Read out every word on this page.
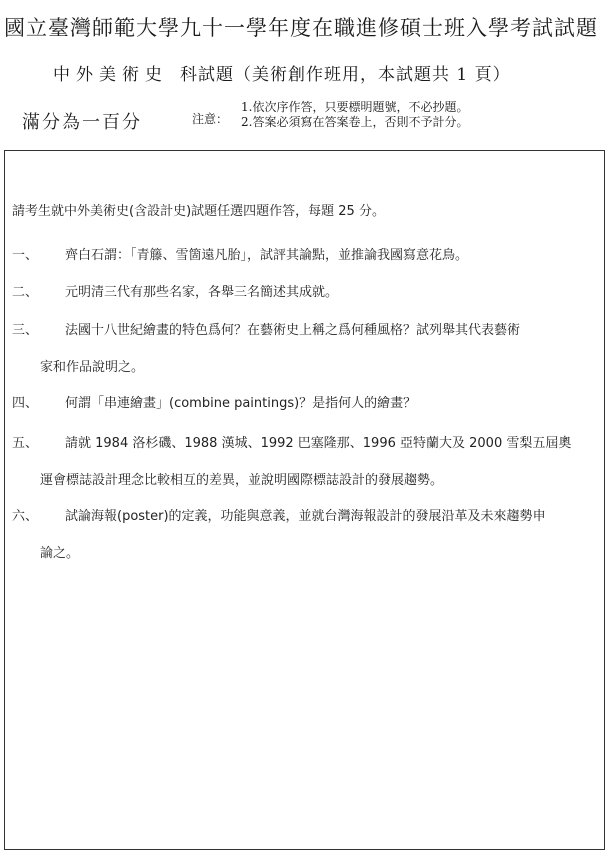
國立臺灣師範大學九十一學年度在職進修碩士班入學考試試題
中外美術史 科試題（美術創作班用，本試題共 1 頁）
滿分為一百分	注意：
1.依次序作答，只要標明題號，不必抄題。
2.答案必須寫在答案卷上，否則不予計分。
請考生就中外美術史(含設計史)試題任選四題作答，每題 25 分。
一、	齊白石謂：「青籐、雪箇遠凡胎」，試評其論點，並推論我國寫意花鳥。
二、	元明清三代有那些名家，各舉三名簡述其成就。
三、	法國十八世紀繪畫的特色爲何？在藝術史上稱之爲何種風格？試列舉其代表藝術
家和作品說明之。
四、	何謂「串連繪畫」(combine paintings)？是指何人的繪畫？
五、	請就 1984 洛杉磯、1988 漢城、1992 巴塞隆那、1996 亞特蘭大及 2000 雪梨五屆奧
運會標誌設計理念比較相互的差異，並說明國際標誌設計的發展趨勢。
六、	試論海報(poster)的定義，功能與意義，並就台灣海報設計的發展沿革及未來趨勢申
論之。
